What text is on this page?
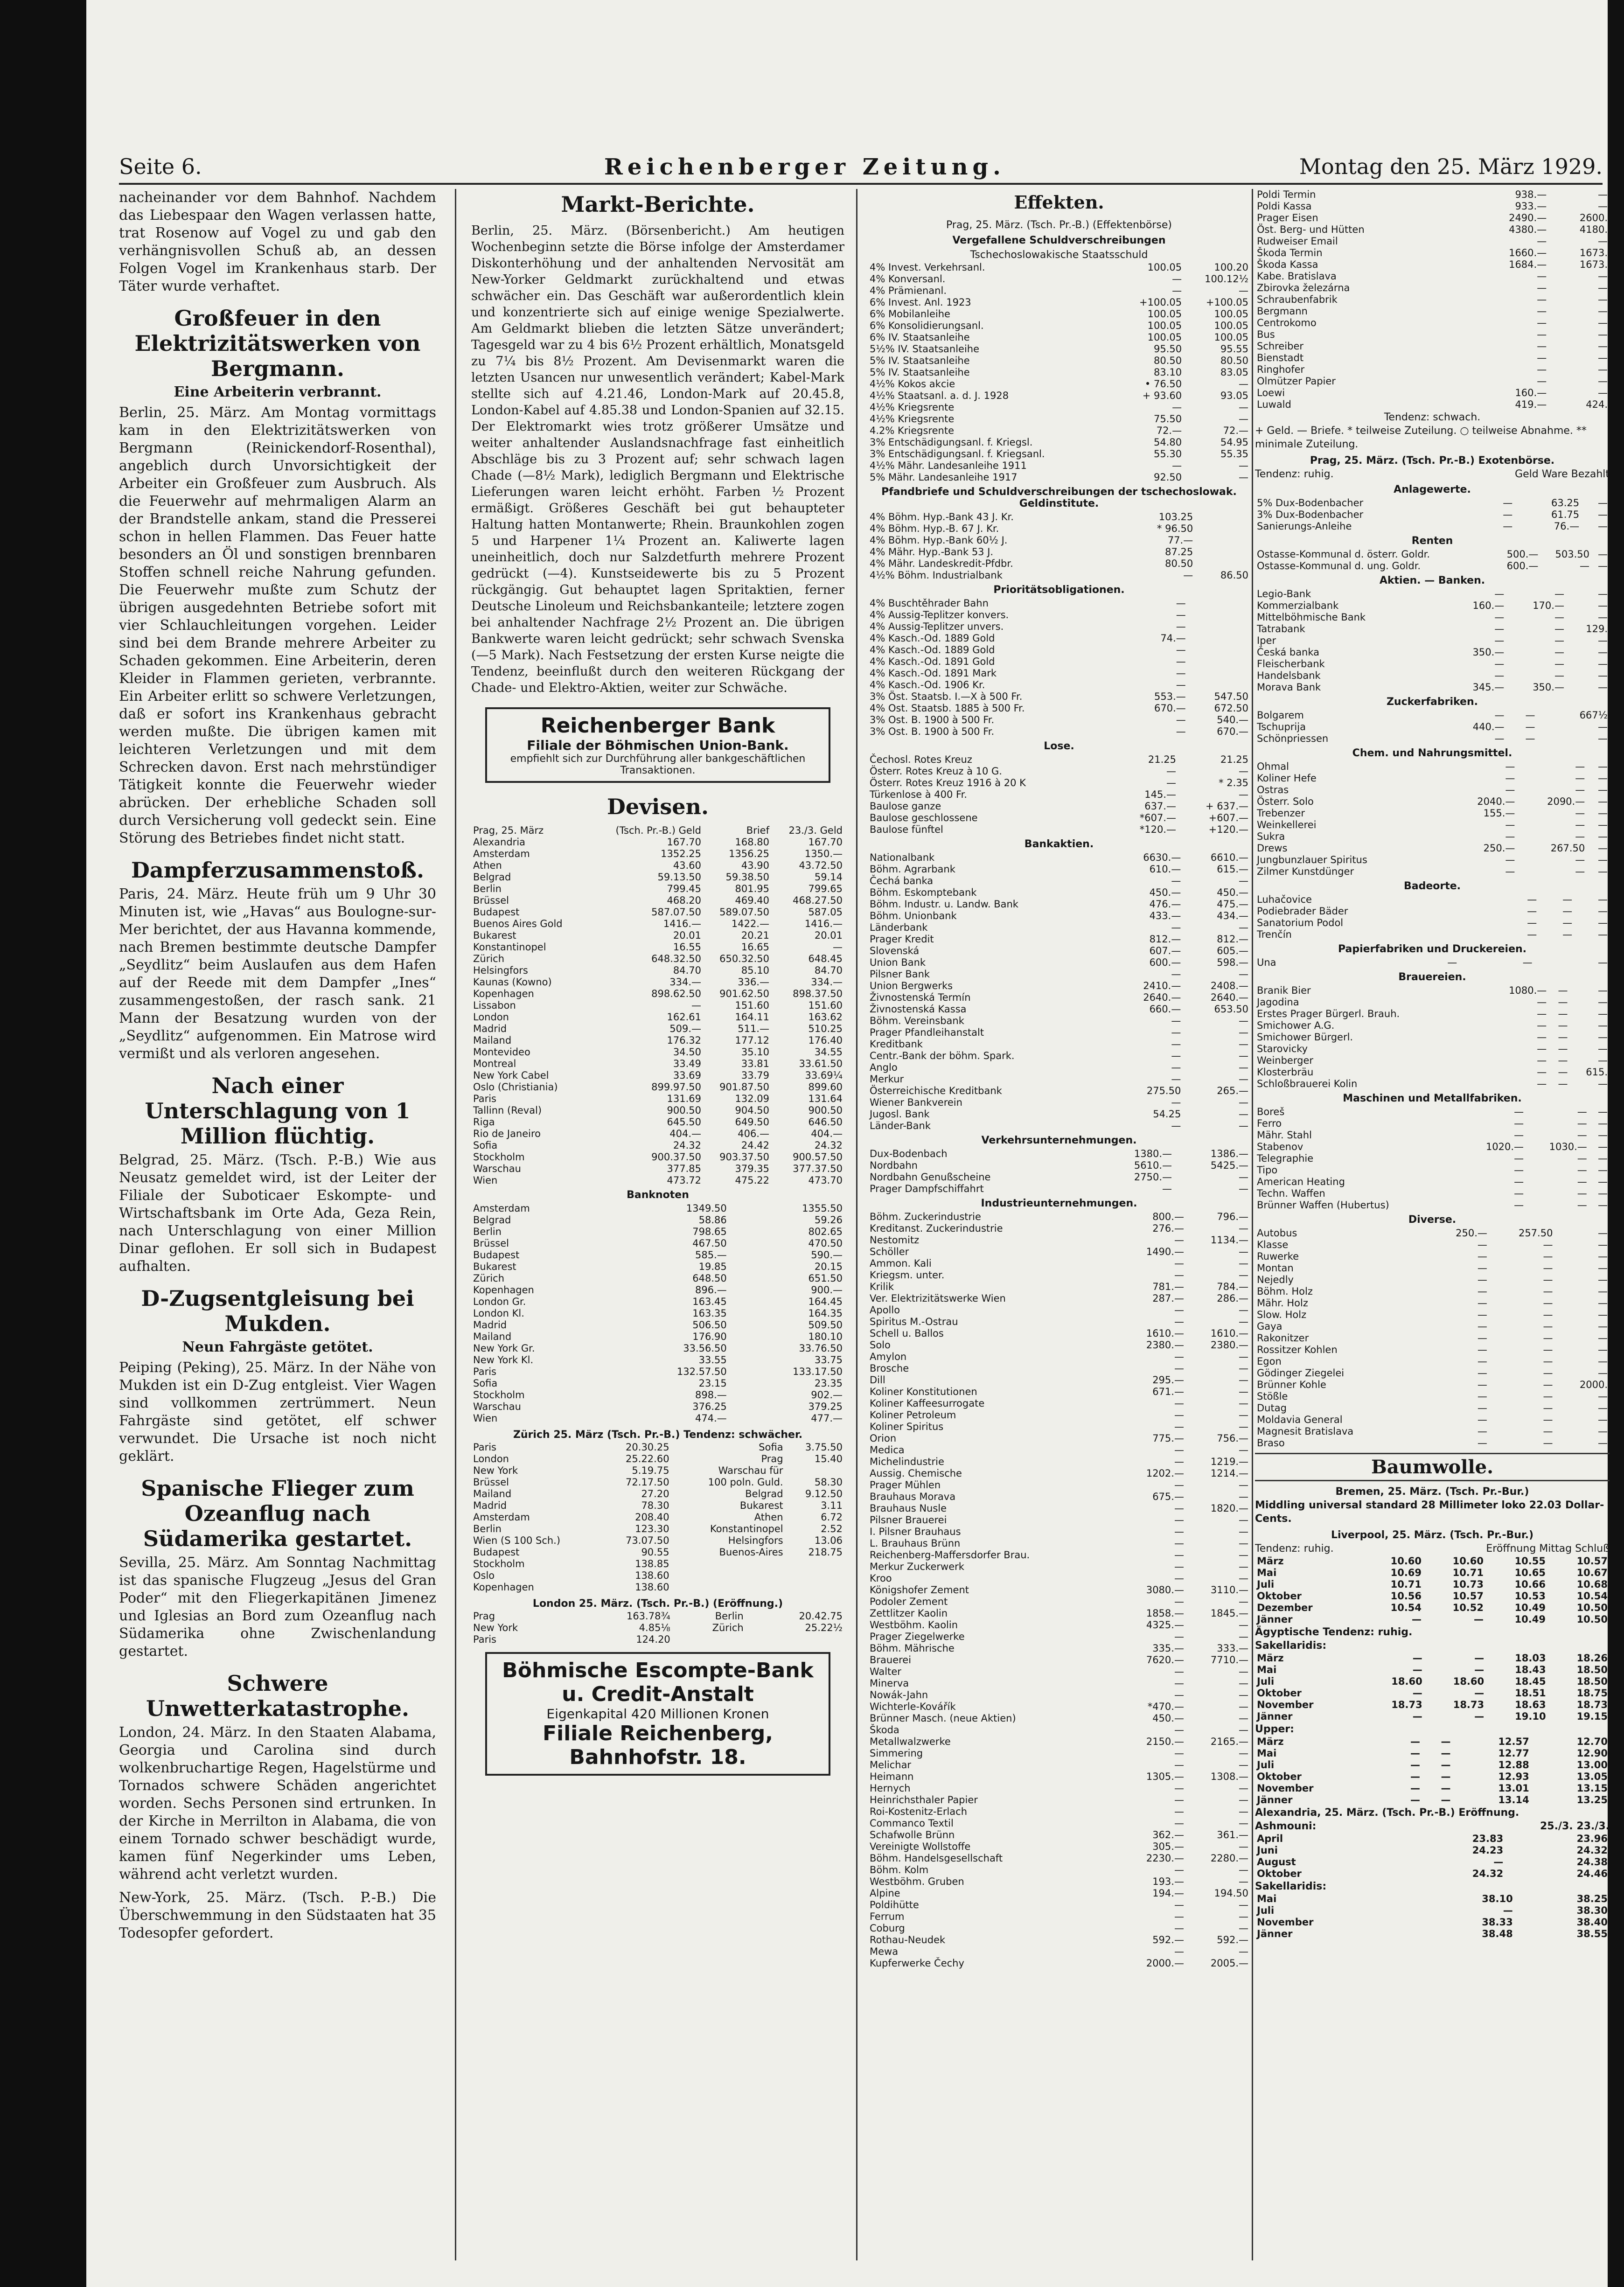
Seite 6.	Reichenberger Zeitung.	Montag den 25. März 1929.

nacheinander vor dem Bahnhof. Nachdem das Liebespaar den Wagen verlassen hatte, trat Rosenow auf Vogel zu und gab den verhängnisvollen Schuß ab, an dessen Folgen Vogel im Krankenhaus starb. Der Täter wurde verhaftet.

Großfeuer in den Elektrizitätswerken von Bergmann.
Eine Arbeiterin verbrannt.

Berlin, 25. März. Am Montag vormittags kam in den Elektrizitätswerken von Bergmann (Reinickendorf-Rosenthal), angeblich durch Unvorsichtigkeit der Arbeiter ein Großfeuer zum Ausbruch. Als die Feuerwehr auf mehrmaligen Alarm an der Brandstelle ankam, stand die Presserei schon in hellen Flammen. Das Feuer hatte besonders an Öl und sonstigen brennbaren Stoffen schnell reiche Nahrung gefunden. Die Feuerwehr mußte zum Schutz der übrigen ausgedehnten Betriebe sofort mit vier Schlauchleitungen vorgehen. Leider sind bei dem Brande mehrere Arbeiter zu Schaden gekommen. Eine Arbeiterin, deren Kleider in Flammen gerieten, verbrannte. Ein Arbeiter erlitt so schwere Verletzungen, daß er sofort ins Krankenhaus gebracht werden mußte. Die übrigen kamen mit leichteren Verletzungen und mit dem Schrecken davon. Erst nach mehrstündiger Tätigkeit konnte die Feuerwehr wieder abrücken. Der erhebliche Schaden soll durch Versicherung voll gedeckt sein. Eine Störung des Betriebes findet nicht statt.

Dampferzusammenstoß.

Paris, 24. März. Heute früh um 9 Uhr 30 Minuten ist, wie „Havas“ aus Boulogne-sur-Mer berichtet, der aus Havanna kommende, nach Bremen bestimmte deutsche Dampfer „Seydlitz“ beim Auslaufen aus dem Hafen auf der Reede mit dem Dampfer „Ines“ zusammengestoßen, der rasch sank. 21 Mann der Besatzung wurden von der „Seydlitz“ aufgenommen. Ein Matrose wird vermißt und als verloren angesehen.

Nach einer Unterschlagung von 1 Million flüchtig.

Belgrad, 25. März. (Tsch. P.-B.) Wie aus Neusatz gemeldet wird, ist der Leiter der Filiale der Suboticaer Eskompte- und Wirtschaftsbank im Orte Ada, Geza Rein, nach Unterschlagung von einer Million Dinar geflohen. Er soll sich in Budapest aufhalten.

D-Zugsentgleisung bei Mukden.
Neun Fahrgäste getötet.

Peiping (Peking), 25. März. In der Nähe von Mukden ist ein D-Zug entgleist. Vier Wagen sind vollkommen zertrümmert. Neun Fahrgäste sind getötet, elf schwer verwundet. Die Ursache ist noch nicht geklärt.

Spanische Flieger zum Ozeanflug nach Südamerika gestartet.

Sevilla, 25. März. Am Sonntag Nachmittag ist das spanische Flugzeug „Jesus del Gran Poder“ mit den Fliegerkapitänen Jimenez und Iglesias an Bord zum Ozeanflug nach Südamerika ohne Zwischenlandung gestartet.

Schwere Unwetterkatastrophe.

London, 24. März. In den Staaten Alabama, Georgia und Carolina sind durch wolkenbruchartige Regen, Hagelstürme und Tornados schwere Schäden angerichtet worden. Sechs Personen sind ertrunken. In der Kirche in Merrilton in Alabama, die von einem Tornado schwer beschädigt wurde, kamen fünf Negerkinder ums Leben, während acht verletzt wurden.

New-York, 25. März. (Tsch. P.-B.) Die Überschwemmung in den Südstaaten hat 35 Todesopfer gefordert.

Markt-Berichte.

Berlin, 25. März. (Börsenbericht.) Am heutigen Wochenbeginn setzte die Börse infolge der Amsterdamer Diskonterhöhung und der anhaltenden Nervosität am New-Yorker Geldmarkt zurückhaltend und etwas schwächer ein. Das Geschäft war außerordentlich klein und konzentrierte sich auf einige wenige Spezialwerte. Am Geldmarkt blieben die letzten Sätze unverändert; Tagesgeld war zu 4 bis 6½ Prozent erhältlich, Monatsgeld zu 7¼ bis 8½ Prozent. Am Devisenmarkt waren die letzten Usancen nur unwesentlich verändert; Kabel-Mark stellte sich auf 4.21.46, London-Mark auf 20.45.8, London-Kabel auf 4.85.38 und London-Spanien auf 32.15. Der Elektromarkt wies trotz größerer Umsätze und weiter anhaltender Auslandsnachfrage fast einheitlich Abschläge bis zu 3 Prozent auf; sehr schwach lagen Chade (—8½ Mark), lediglich Bergmann und Elektrische Lieferungen waren leicht erhöht. Farben ½ Prozent ermäßigt. Größeres Geschäft bei gut behaupteter Haltung hatten Montanwerte; Rhein. Braunkohlen zogen 5 und Harpener 1¼ Prozent an. Kaliwerte lagen uneinheitlich, doch nur Salzdetfurth mehrere Prozent gedrückt (—4). Kunstseidewerte bis zu 5 Prozent rückgängig. Gut behauptet lagen Spritaktien, ferner Deutsche Linoleum und Reichsbankanteile; letztere zogen bei anhaltender Nachfrage 2½ Prozent an. Die übrigen Bankwerte waren leicht gedrückt; sehr schwach Svenska (—5 Mark). Nach Festsetzung der ersten Kurse neigte die Tendenz, beeinflußt durch den weiteren Rückgang der Chade- und Elektro-Aktien, weiter zur Schwäche.

Reichenberger Bank
Filiale der Böhmischen Union-Bank.
empfiehlt sich zur Durchführung aller bankgeschäftlichen Transaktionen.
Devisen.
Prag, 25. März	(Tsch. Pr.-B.) Geld	Brief	23./3. Geld
Alexandria	167.70	168.80	167.70
Amsterdam	1352.25	1356.25	1350.—
Athen	43.60	43.90	43.72.50
Belgrad	59.13.50	59.38.50	59.14
Berlin	799.45	801.95	799.65
Brüssel	468.20	469.40	468.27.50
Budapest	587.07.50	589.07.50	587.05
Buenos Aires Gold	1416.—	1422.—	1416.—
Bukarest	20.01	20.21	20.01
Konstantinopel	16.55	16.65	—
Zürich	648.32.50	650.32.50	648.45
Helsingfors	84.70	85.10	84.70
Kaunas (Kowno)	334.—	336.—	334.—
Kopenhagen	898.62.50	901.62.50	898.37.50
Lissabon	—	151.60	151.60
London	162.61	164.11	163.62
Madrid	509.—	511.—	510.25
Mailand	176.32	177.12	176.40
Montevideo	34.50	35.10	34.55
Montreal	33.49	33.81	33.61.50
New York Cabel	33.69	33.79	33.69¼
Oslo (Christiania)	899.97.50	901.87.50	899.60
Paris	131.69	132.09	131.64
Tallinn (Reval)	900.50	904.50	900.50
Riga	645.50	649.50	646.50
Rio de Janeiro	404.—	406.—	404.—
Sofia	24.32	24.42	24.32
Stockholm	900.37.50	903.37.50	900.57.50
Warschau	377.85	379.35	377.37.50
Wien	473.72	475.22	473.70
Banknoten
Amsterdam	1349.50	1355.50
Belgrad	58.86	59.26
Berlin	798.65	802.65
Brüssel	467.50	470.50
Budapest	585.—	590.—
Bukarest	19.85	20.15
Zürich	648.50	651.50
Kopenhagen	896.—	900.—
London Gr.	163.45	164.45
London Kl.	163.35	164.35
Madrid	506.50	509.50
Mailand	176.90	180.10
New York Gr.	33.56.50	33.76.50
New York Kl.	33.55	33.75
Paris	132.57.50	133.17.50
Sofia	23.15	23.35
Stockholm	898.—	902.—
Warschau	376.25	379.25
Wien	474.—	477.—
Zürich 25. März (Tsch. Pr.-B.) Tendenz: schwächer.
Paris	20.30.25	Sofia	3.75.50
London	25.22.60	Prag	15.40
New York	5.19.75	Warschau für	
Brüssel	72.17.50	100 poln. Guld.	58.30
Mailand	27.20	Belgrad	9.12.50
Madrid	78.30	Bukarest	3.11
Amsterdam	208.40	Athen	6.72
Berlin	123.30	Konstantinopel	2.52
Wien (S 100 Sch.)	73.07.50	Helsingfors	13.06
Budapest	90.55	Buenos-Aires	218.75
Stockholm	138.85		
Oslo	138.60		
Kopenhagen	138.60		
London 25. März. (Tsch. Pr.-B.) (Eröffnung.)
Prag	163.78¾	Berlin	20.42.75
New York	4.85⅛	Zürich	25.22½
Paris	124.20		
Böhmische Escompte-Bank u. Credit-Anstalt
Eigenkapital 420 Millionen Kronen
Filiale Reichenberg, Bahnhofstr. 18.
Effekten.
Prag, 25. März. (Tsch. Pr.-B.) (Effektenbörse)
Vergefallene Schuldverschreibungen
Tschechoslowakische Staatsschuld
4% Invest. Verkehrsanl.	100.05	100.20
4% Konversanl.	—	100.12½
4% Prämienanl.	—	—
6% Invest. Anl. 1923	+100.05	+100.05
6% Mobilanleihe	100.05	100.05
6% Konsolidierungsanl.	100.05	100.05
6% IV. Staatsanleihe	100.05	100.05
5½% IV. Staatsanleihe	95.50	95.55
5% IV. Staatsanleihe	80.50	80.50
5% IV. Staatsanleihe	83.10	83.05
4½% Kokos akcie	• 76.50	—
4½% Staatsanl. a. d. J. 1928	+ 93.60	93.05
4½% Kriegsrente	—	—
4½% Kriegsrente	75.50	—
4.2% Kriegsrente	72.—	72.—
3% Entschädigungsanl. f. Kriegsl.	54.80	54.95
3% Entschädigungsanl. f. Kriegsanl.	55.30	55.35
4½% Mähr. Landesanleihe 1911	—	—
5% Mähr. Landesanleihe 1917	92.50	—
Pfandbriefe und Schuldverschreibungen der tschechoslowak. Geldinstitute.
4% Böhm. Hyp.-Bank 43 J. Kr.	103.25	
4% Böhm. Hyp.-B. 67 J. Kr.	* 96.50	
4% Böhm. Hyp.-Bank 60½ J.	77.—	
4% Mähr. Hyp.-Bank 53 J.	87.25	
4% Mähr. Landeskredit-Pfdbr.	80.50	
4½% Böhm. Industrialbank	—	86.50
Prioritätsobligationen.
4% Buschtěhrader Bahn	—	
4% Aussig-Teplitzer konvers.	—	
4% Aussig-Teplitzer unvers.	—	
4% Kasch.-Od. 1889 Gold	74.—	
4% Kasch.-Od. 1889 Gold	—	
4% Kasch.-Od. 1891 Gold	—	
4% Kasch.-Od. 1891 Mark	—	
4% Kasch.-Od. 1906 Kr.	—	
3% Öst. Staatsb. I.—X à 500 Fr.	553.—	547.50
4% Ost. Staatsb. 1885 à 500 Fr.	670.—	672.50
3% Ost. B. 1900 à 500 Fr.	—	540.—
3% Ost. B. 1900 à 500 Fr.	—	670.—
Lose.
Čechosl. Rotes Kreuz	21.25	21.25
Österr. Rotes Kreuz à 10 G.	—	—
Österr. Rotes Kreuz 1916 à 20 K	—	* 2.35
Türkenlose à 400 Fr.	145.—	—
Baulose ganze	637.—	+ 637.—
Baulose geschlossene	*607.—	+607.—
Baulose fünftel	*120.—	+120.—
Bankaktien.
Nationalbank	6630.—	6610.—
Böhm. Agrarbank	610.—	615.—
Čechá banka	—	—
Böhm. Eskomptebank	450.—	450.—
Böhm. Industr. u. Landw. Bank	476.—	475.—
Böhm. Unionbank	433.—	434.—
Länderbank	—	—
Prager Kredit	812.—	812.—
Slovenská	607.—	605.—
Union Bank	600.—	598.—
Pilsner Bank	—	—
Union Bergwerks	2410.—	2408.—
Živnostenská Termín	2640.—	2640.—
Živnostenská Kassa	660.—	653.50
Böhm. Vereinsbank	—	—
Prager Pfandleihanstalt	—	—
Kreditbank	—	—
Centr.-Bank der böhm. Spark.	—	—
Anglo	—	—
Merkur	—	—
Österreichische Kreditbank	275.50	265.—
Wiener Bankverein	—	—
Jugosl. Bank	54.25	—
Länder-Bank	—	—
Verkehrsunternehmungen.
Dux-Bodenbach	1380.—	1386.—
Nordbahn	5610.—	5425.—
Nordbahn Genußscheine	2750.—	—
Prager Dampfschiffahrt	—	—
Industrieunternehmungen.
Böhm. Zuckerindustrie	800.—	796.—
Kreditanst. Zuckerindustrie	276.—	—
Nestomitz	—	1134.—
Schöller	1490.—	—
Ammon. Kali	—	—
Kriegsm. unter.	—	—
Krilik	781.—	784.—
Ver. Elektrizitätswerke Wien	287.—	286.—
Apollo	—	—
Spiritus M.-Ostrau	—	—
Schell u. Ballos	1610.—	1610.—
Solo	2380.—	2380.—
Amylon	—	—
Brosche	—	—
Dill	295.—	—
Koliner Konstitutionen	671.—	—
Koliner Kaffeesurrogate	—	—
Koliner Petroleum	—	—
Koliner Spiritus	—	—
Orion	775.—	756.—
Medica	—	—
Michelindustrie	—	1219.—
Aussig. Chemische	1202.—	1214.—
Prager Mühlen	—	—
Brauhaus Morava	675.—	—
Brauhaus Nusle	—	1820.—
Pilsner Brauerei	—	—
I. Pilsner Brauhaus	—	—
L. Brauhaus Brünn	—	—
Reichenberg-Maffersdorfer Brau.	—	—
Merkur Zuckerwerk	—	—
Kroo	—	—
Königshofer Zement	3080.—	3110.—
Podoler Zement	—	—
Zettlitzer Kaolin	1858.—	1845.—
Westböhm. Kaolin	4325.—	—
Prager Ziegelwerke	—	—
Böhm. Mährische	335.—	333.—
Brauerei	7620.—	7710.—
Walter	—	—
Minerva	—	—
Nowák-Jahn	—	—
Wichterle-Kovářík	*470.—	—
Brünner Masch. (neue Aktien)	450.—	—
Škoda	—	—
Metallwalzwerke	2150.—	2165.—
Simmering	—	—
Melichar	—	—
Heimann	1305.—	1308.—
Hernych	—	—
Heinrichsthaler Papier	—	—
Roi-Kostenitz-Erlach	—	—
Commanco Textil	—	—
Schafwolle Brünn	362.—	361.—
Vereinigte Wollstoffe	305.—	—
Böhm. Handelsgesellschaft	2230.—	2280.—
Böhm. Kolm	—	—
Westböhm. Gruben	193.—	—
Alpine	194.—	194.50
Poldihütte	—	—
Ferrum	—	—
Coburg	—	—
Rothau-Neudek	592.—	592.—
Mewa	—	—
Kupferwerke Čechy	2000.—	2005.—
Poldi Termin	938.—	—
Poldi Kassa	933.—	—
Prager Eisen	2490.—	2600.
Öst. Berg- und Hütten	4380.—	4180.
Rudweiser Email	—	—
Škoda Termin	1660.—	1673.
Škoda Kassa	1684.—	1673.
Kabe. Bratislava	—	—
Zbirovka železárna	—	—
Schraubenfabrik	—	—
Bergmann	—	—
Centrokomo	—	—
Bus	—	—
Schreiber	—	—
Bienstadt	—	—
Ringhofer	—	—
Olmützer Papier	—	—
Loewi	160.—	—
Luwald	419.—	424.
Tendenz: schwach.
+ Geld. — Briefe. * teilweise Zuteilung. ○ teilweise Abnahme. ** minimale Zuteilung.
Prag, 25. März. (Tsch. Pr.-B.) Exotenbörse.
Tendenz: ruhig.	Geld Ware Bezahlt
Anlagewerte.
5% Dux-Bodenbacher	—	63.25	—
3% Dux-Bodenbacher	—	61.75	—
Sanierungs-Anleihe	—	76.—	—
Renten
Ostasse-Kommunal d. österr. Goldr.	500.—	503.50	—
Ostasse-Kommunal d. ung. Goldr.	600.—	—	—
Aktien. — Banken.
Legio-Bank	—	—	—
Kommerzialbank	160.—	170.—	—
Mittelböhmische Bank	—	—	—
Tatrabank	—	—	129.
Iper	—	—	—
Česká banka	350.—	—	—
Fleischerbank	—	—	—
Handelsbank	—	—	—
Morava Bank	345.—	350.—	—
Zuckerfabriken.
Bolgarem	—	—	667½
Tschuprija	440.—	—	—
Schönpriessen	—	—	—
Chem. und Nahrungsmittel.
Ohmal	—	—	—
Koliner Hefe	—	—	—
Ostras	—	—	—
Österr. Solo	2040.—	2090.—	—
Trebenzer	155.—	—	—
Weinkellerei	—	—	—
Sukra	—	—	—
Drews	250.—	267.50	—
Jungbunzlauer Spiritus	—	—	—
Zilmer Kunstdünger	—	—	—
Badeorte.
Luhačovice	—	—	—
Podiebrader Bäder	—	—	—
Sanatorium Podol	—	—	—
Trenčín	—	—	—
Papierfabriken und Druckereien.
Una	—	—	—
Brauereien.
Branik Bier	1080.—	—	—
Jagodina	—	—	—
Erstes Prager Bürgerl. Brauh.	—	—	—
Smichower A.G.	—	—	—
Smichower Bürgerl.	—	—	—
Starovicky	—	—	—
Weinberger	—	—	—
Klosterbräu	—	—	615.
Schloßbrauerei Kolin	—	—	—
Maschinen und Metallfabriken.
Boreš	—	—	—
Ferro	—	—	—
Mähr. Stahl	—	—	—
Stabenov	1020.—	1030.—	—
Telegraphie	—	—	—
Tipo	—	—	—
American Heating	—	—	—
Techn. Waffen	—	—	—
Brünner Waffen (Hubertus)	—	—	—
Diverse.
Autobus	250.—	257.50	—
Klasse	—	—	—
Ruwerke	—	—	—
Montan	—	—	—
Nejedly	—	—	—
Böhm. Holz	—	—	—
Mähr. Holz	—	—	—
Slow. Holz	—	—	—
Gaya	—	—	—
Rakonitzer	—	—	—
Rossitzer Kohlen	—	—	—
Egon	—	—	—
Gödinger Ziegelei	—	—	—
Brünner Kohle	—	—	2000.
Stößle	—	—	—
Dutag	—	—	—
Moldavia General	—	—	—
Magnesit Bratislava	—	—	—
Braso	—	—	—
Baumwolle.
Bremen, 25. März. (Tsch. Pr.-Bur.)
Middling universal standard 28 Millimeter loko 22.03 Dollar-Cents.
Liverpool, 25. März. (Tsch. Pr.-Bur.)
Tendenz: ruhig.	Eröffnung Mittag Schluß
März	10.60	10.60	10.55	10.57
Mai	10.69	10.71	10.65	10.67
Juli	10.71	10.73	10.66	10.68
Oktober	10.56	10.57	10.53	10.54
Dezember	10.54	10.52	10.49	10.50
Jänner	—	—	10.49	10.50
Ägyptische Tendenz: ruhig.
Sakellaridis:
März	—	—	18.03	18.26
Mai	—	—	18.43	18.50
Juli	18.60	18.60	18.45	18.50
Oktober	—	—	18.51	18.75
November	18.73	18.73	18.63	18.73
Jänner	—	—	19.10	19.15
Upper:
März	—	—	12.57	12.70
Mai	—	—	12.77	12.90
Juli	—	—	12.88	13.00
Oktober	—	—	12.93	13.05
November	—	—	13.01	13.15
Jänner	—	—	13.14	13.25
Alexandria, 25. März. (Tsch. Pr.-B.) Eröffnung.
Ashmouni:	25./3. 23./3.
April	23.83	23.96
Juni	24.23	24.32
August	—	24.38
Oktober	24.32	24.46
Sakellaridis:
Mai	38.10	38.25
Juli	—	38.30
November	38.33	38.40
Jänner	38.48	38.55
